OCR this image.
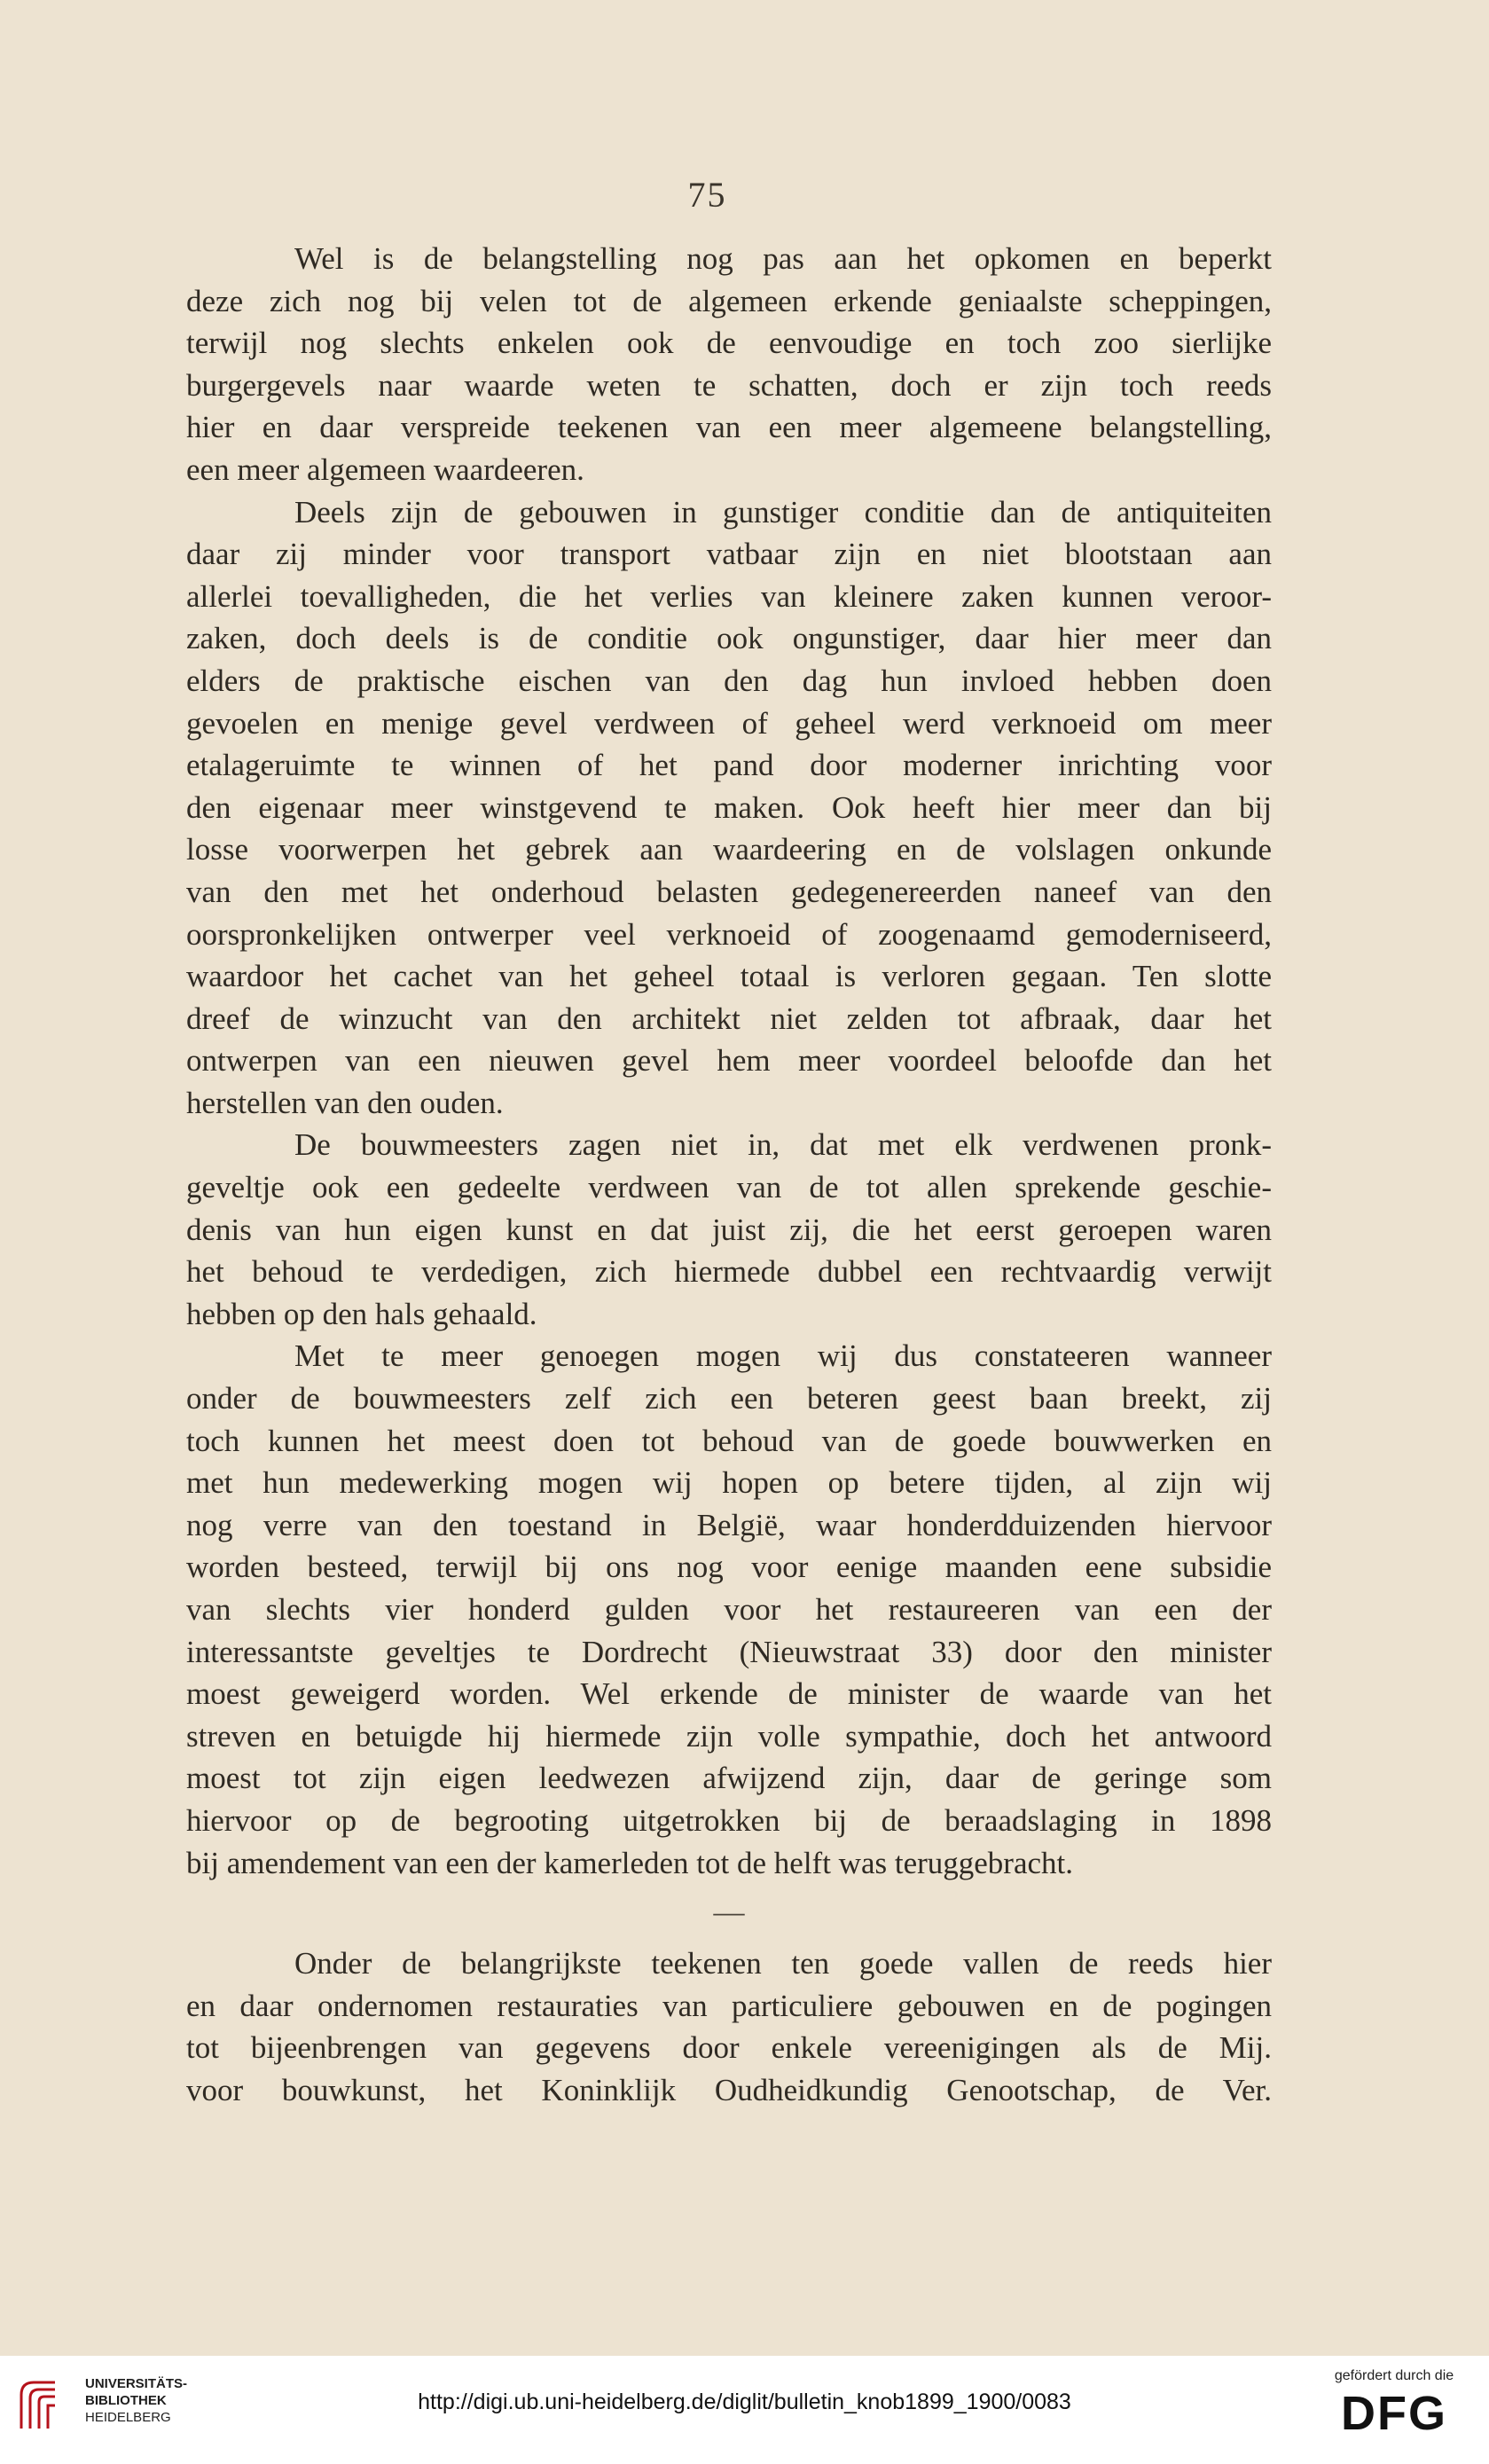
75
Wel is de belangstelling nog pas aan het opkomen en beperkt
deze zich nog bij velen tot de algemeen erkende geniaalste scheppingen,
terwijl nog slechts enkelen ook de eenvoudige en toch zoo sierlijke
burgergevels naar waarde weten te schatten, doch er zijn toch reeds
hier en daar verspreide teekenen van een meer algemeene belangstelling,
een meer algemeen waardeeren.
Deels zijn de gebouwen in gunstiger conditie dan de antiquiteiten
daar zij minder voor transport vatbaar zijn en niet blootstaan aan
allerlei toevalligheden, die het verlies van kleinere zaken kunnen veroor-
zaken, doch deels is de conditie ook ongunstiger, daar hier meer dan
elders de praktische eischen van den dag hun invloed hebben doen
gevoelen en menige gevel verdween of geheel werd verknoeid om meer
etalageruimte te winnen of het pand door moderner inrichting voor
den eigenaar meer winstgevend te maken. Ook heeft hier meer dan bij
losse voorwerpen het gebrek aan waardeering en de volslagen onkunde
van den met het onderhoud belasten gedegenereerden naneef van den
oorspronkelijken ontwerper veel verknoeid of zoogenaamd gemoderniseerd,
waardoor het cachet van het geheel totaal is verloren gegaan. Ten slotte
dreef de winzucht van den architekt niet zelden tot afbraak, daar het
ontwerpen van een nieuwen gevel hem meer voordeel beloofde dan het
herstellen van den ouden.
De bouwmeesters zagen niet in, dat met elk verdwenen pronk-
geveltje ook een gedeelte verdween van de tot allen sprekende geschie-
denis van hun eigen kunst en dat juist zij, die het eerst geroepen waren
het behoud te verdedigen, zich hiermede dubbel een rechtvaardig verwijt
hebben op den hals gehaald.
Met te meer genoegen mogen wij dus constateeren wanneer
onder de bouwmeesters zelf zich een beteren geest baan breekt, zij
toch kunnen het meest doen tot behoud van de goede bouwwerken en
met hun medewerking mogen wij hopen op betere tijden, al zijn wij
nog verre van den toestand in België, waar honderdduizenden hiervoor
worden besteed, terwijl bij ons nog voor eenige maanden eene subsidie
van slechts vier honderd gulden voor het restaureeren van een der
interessantste geveltjes te Dordrecht (Nieuwstraat 33) door den minister
moest geweigerd worden. Wel erkende de minister de waarde van het
streven en betuigde hij hiermede zijn volle sympathie, doch het antwoord
moest tot zijn eigen leedwezen afwijzend zijn, daar de geringe som
hiervoor op de begrooting uitgetrokken bij de beraadslaging in 1898
bij amendement van een der kamerleden tot de helft was teruggebracht.
—
Onder de belangrijkste teekenen ten goede vallen de reeds hier
en daar ondernomen restauraties van particuliere gebouwen en de pogingen
tot bijeenbrengen van gegevens door enkele vereenigingen als de Mij.
voor bouwkunst, het Koninklijk Oudheidkundig Genootschap, de Ver.
UNIVERSITÄTS-
BIBLIOTHEK
HEIDELBERG
http://digi.ub.uni-heidelberg.de/diglit/bulletin_knob1899_1900/0083
gefördert durch die
DFG
